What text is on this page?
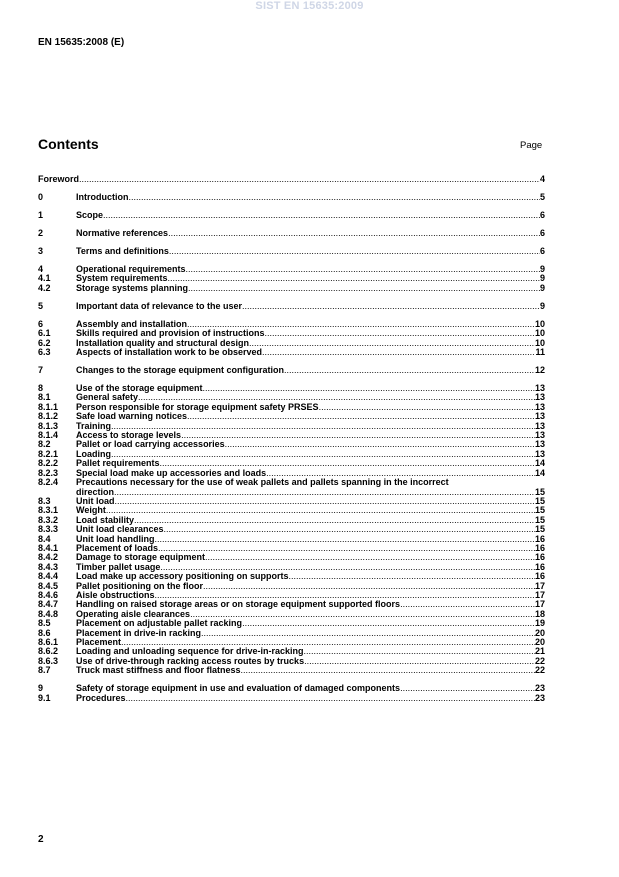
SIST EN 15635:2009
EN 15635:2008 (E)
Contents	Page
Foreword .....	4
0	Introduction .....	5
1	Scope .....	6
2	Normative references .....	6
3	Terms and definitions .....	6
4	Operational requirements .....	9
4.1	System requirements .....	9
4.2	Storage systems planning .....	9
5	Important data of relevance to the user .....	9
6	Assembly and installation .....	10
6.1	Skills required and provision of instructions .....	10
6.2	Installation quality and structural design .....	10
6.3	Aspects of installation work to be observed .....	11
7	Changes to the storage equipment configuration .....	12
8	Use of the storage equipment .....	13
8.1	General safety .....	13
8.1.1	Person responsible for storage equipment safety PRSES .....	13
8.1.2	Safe load warning notices .....	13
8.1.3	Training .....	13
8.1.4	Access to storage levels .....	13
8.2	Pallet or load carrying accessories .....	13
8.2.1	Loading .....	13
8.2.2	Pallet requirements .....	14
8.2.3	Special load make up accessories and loads .....	14
8.2.4	Precautions necessary for the use of weak pallets and pallets spanning in the incorrect
direction .....	15
8.3	Unit load .....	15
8.3.1	Weight .....	15
8.3.2	Load stability .....	15
8.3.3	Unit load clearances .....	15
8.4	Unit load handling .....	16
8.4.1	Placement of loads .....	16
8.4.2	Damage to storage equipment .....	16
8.4.3	Timber pallet usage .....	16
8.4.4	Load make up accessory positioning on supports .....	16
8.4.5	Pallet positioning on the floor .....	17
8.4.6	Aisle obstructions .....	17
8.4.7	Handling on raised storage areas or on storage equipment supported floors .....	17
8.4.8	Operating aisle clearances .....	18
8.5	Placement on adjustable pallet racking .....	19
8.6	Placement in drive-in racking .....	20
8.6.1	Placement .....	20
8.6.2	Loading and unloading sequence for drive-in-racking .....	21
8.6.3	Use of drive-through racking access routes by trucks .....	22
8.7	Truck mast stiffness and floor flatness .....	22
9	Safety of storage equipment in use and evaluation of damaged components .....	23
9.1	Procedures .....	23
2
